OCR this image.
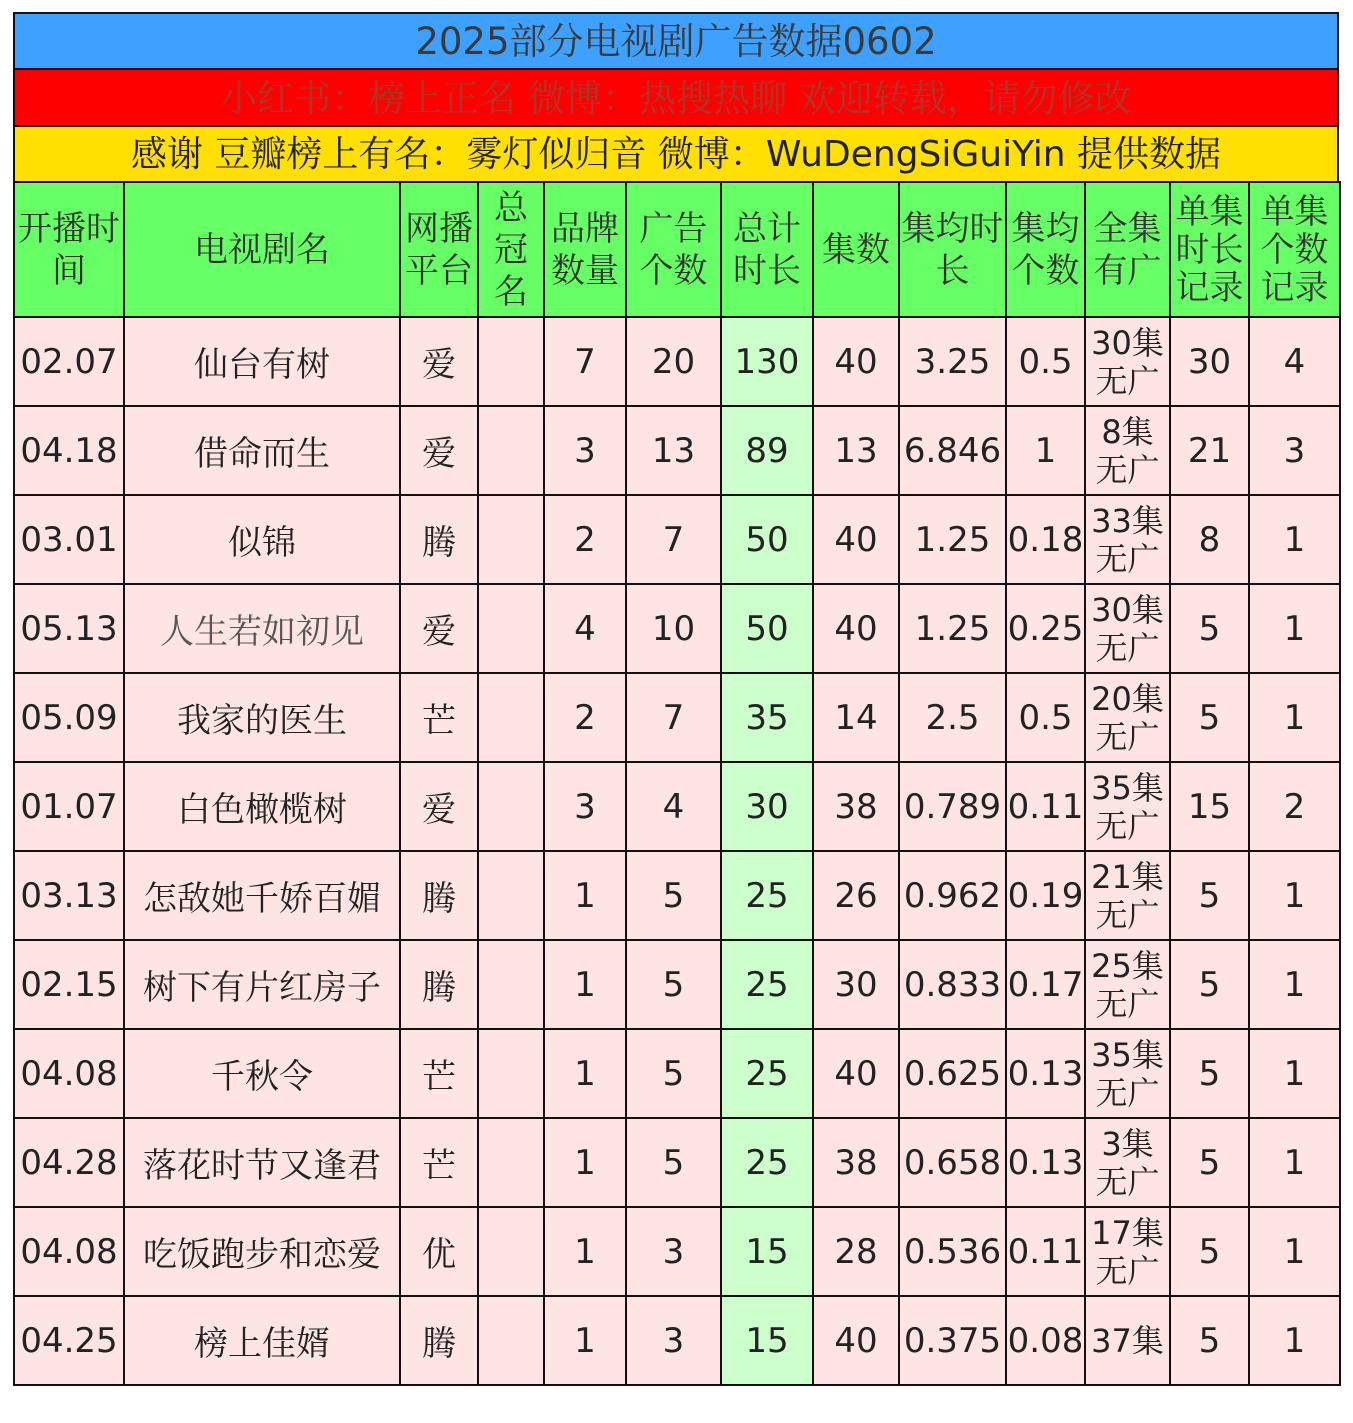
2025部分电视剧广告数据0602
小红书：榜上正名 微博：热搜热聊 欢迎转载，请勿修改
感谢 豆瓣榜上有名：雾灯似归音 微博：WuDengSiGuiYin 提供数据
开播时间	电视剧名	网播平台	总冠名	品牌数量	广告个数	总计时长	集数	集均时长	集均个数	全集有广	单集时长记录	单集个数记录
02.07	仙台有树	爱		7	20	130	40	3.25	0.5	30集无广	30	4
04.18	借命而生	爱		3	13	89	13	6.846	1	8集无广	21	3
03.01	似锦	腾		2	7	50	40	1.25	0.18	33集无广	8	1
05.13	人生若如初见	爱		4	10	50	40	1.25	0.25	30集无广	5	1
05.09	我家的医生	芒		2	7	35	14	2.5	0.5	20集无广	5	1
01.07	白色橄榄树	爱		3	4	30	38	0.789	0.11	35集无广	15	2
03.13	怎敌她千娇百媚	腾		1	5	25	26	0.962	0.19	21集无广	5	1
02.15	树下有片红房子	腾		1	5	25	30	0.833	0.17	25集无广	5	1
04.08	千秋令	芒		1	5	25	40	0.625	0.13	35集无广	5	1
04.28	落花时节又逢君	芒		1	5	25	38	0.658	0.13	3集无广	5	1
04.08	吃饭跑步和恋爱	优		1	3	15	28	0.536	0.11	17集无广	5	1
04.25	榜上佳婿	腾		1	3	15	40	0.375	0.08	37集	5	1
